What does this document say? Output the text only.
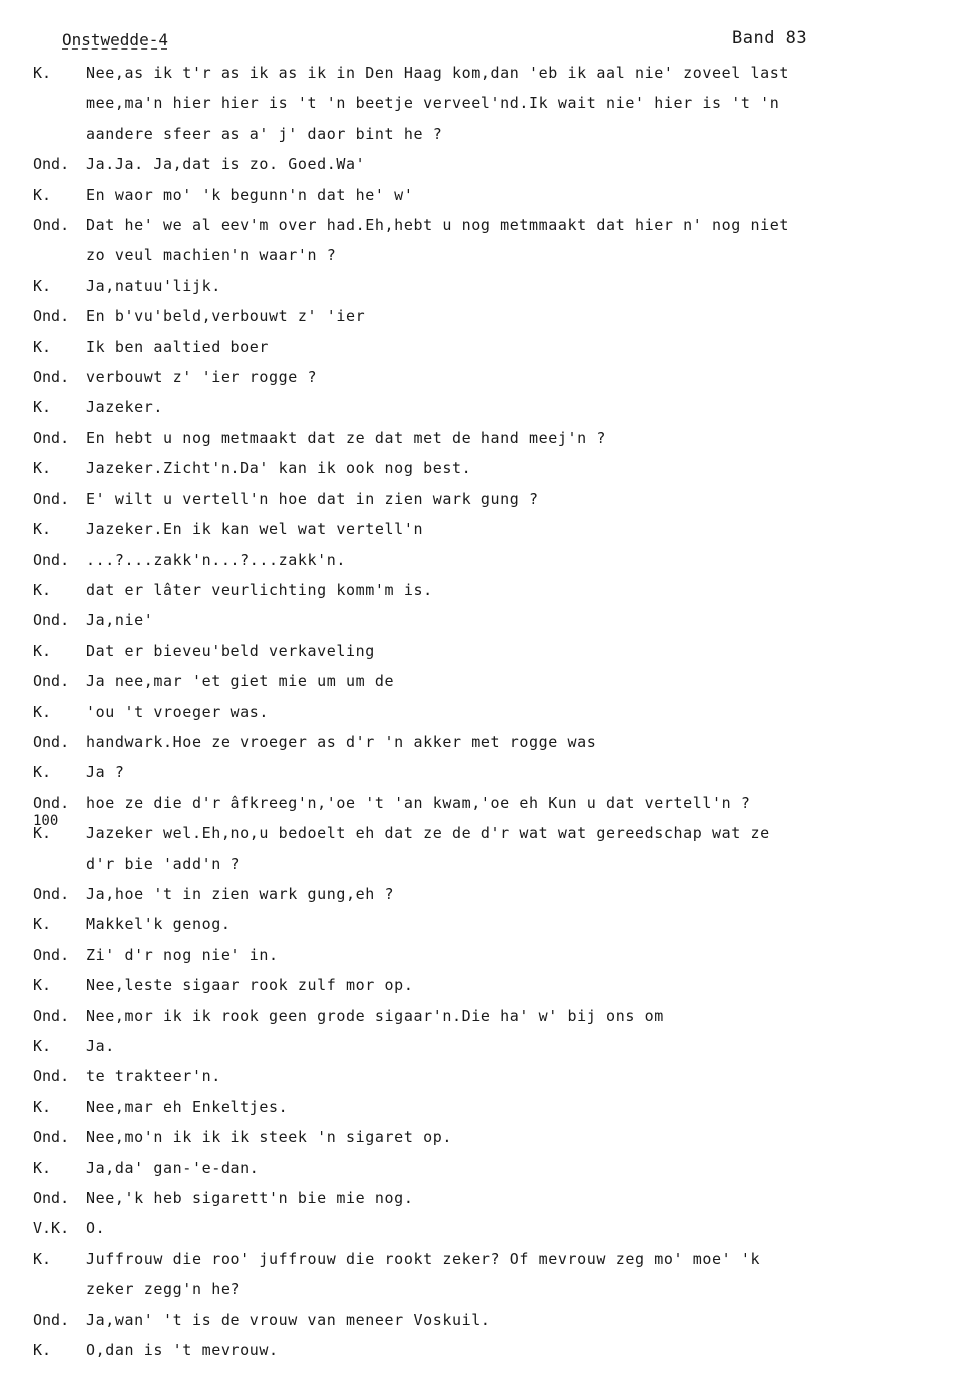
Onstwedde-4	Band 83
100
K.	Nee,as ik t'r as ik as ik in Den Haag kom,dan 'eb ik aal nie' zoveel last
mee,ma'n hier hier is 't 'n beetje verveel'nd.Ik wait nie' hier is 't 'n
aandere sfeer as a' j' daor bint he ?
Ond.	Ja.Ja. Ja,dat is zo. Goed.Wa'
K.	En waor mo' 'k begunn'n dat he' w'
Ond.	Dat he' we al eev'm over had.Eh,hebt u nog metmmaakt dat hier n' nog niet
zo veul machien'n waar'n ?
K.	Ja,natuu'lijk.
Ond.	En b'vu'beld,verbouwt z' 'ier
K.	Ik ben aaltied boer
Ond.	verbouwt z' 'ier rogge ?
K.	Jazeker.
Ond.	En hebt u nog metmaakt dat ze dat met de hand meej'n ?
K.	Jazeker.Zicht'n.Da' kan ik ook nog best.
Ond.	E' wilt u vertell'n hoe dat in zien wark gung ?
K.	Jazeker.En ik kan wel wat vertell'n
Ond.	...?...zakk'n...?...zakk'n.
K.	dat er lâter veurlichting komm'm is.
Ond.	Ja,nie'
K.	Dat er bieveu'beld verkaveling
Ond.	Ja nee,mar 'et giet mie um um de
K.	'ou 't vroeger was.
Ond.	handwark.Hoe ze vroeger as d'r 'n akker met rogge was
K.	Ja ?
Ond.	hoe ze die d'r âfkreeg'n,'oe 't 'an kwam,'oe eh Kun u dat vertell'n ?
K.	Jazeker wel.Eh,no,u bedoelt eh dat ze de d'r wat wat gereedschap wat ze
d'r bie 'add'n ?
Ond.	Ja,hoe 't in zien wark gung,eh ?
K.	Makkel'k genog.
Ond.	Zi' d'r nog nie' in.
K.	Nee,leste sigaar rook zulf mor op.
Ond.	Nee,mor ik ik rook geen grode sigaar'n.Die ha' w' bij ons om
K.	Ja.
Ond.	te trakteer'n.
K.	Nee,mar eh Enkeltjes.
Ond.	Nee,mo'n ik ik ik steek 'n sigaret op.
K.	Ja,da' gan-'e-dan.
Ond.	Nee,'k heb sigarett'n bie mie nog.
V.K.	O.
K.	Juffrouw die roo' juffrouw die rookt zeker? Of mevrouw zeg mo' moe' 'k
zeker zegg'n he?
Ond.	Ja,wan' 't is de vrouw van meneer Voskuil.
K.	O,dan is 't mevrouw.
